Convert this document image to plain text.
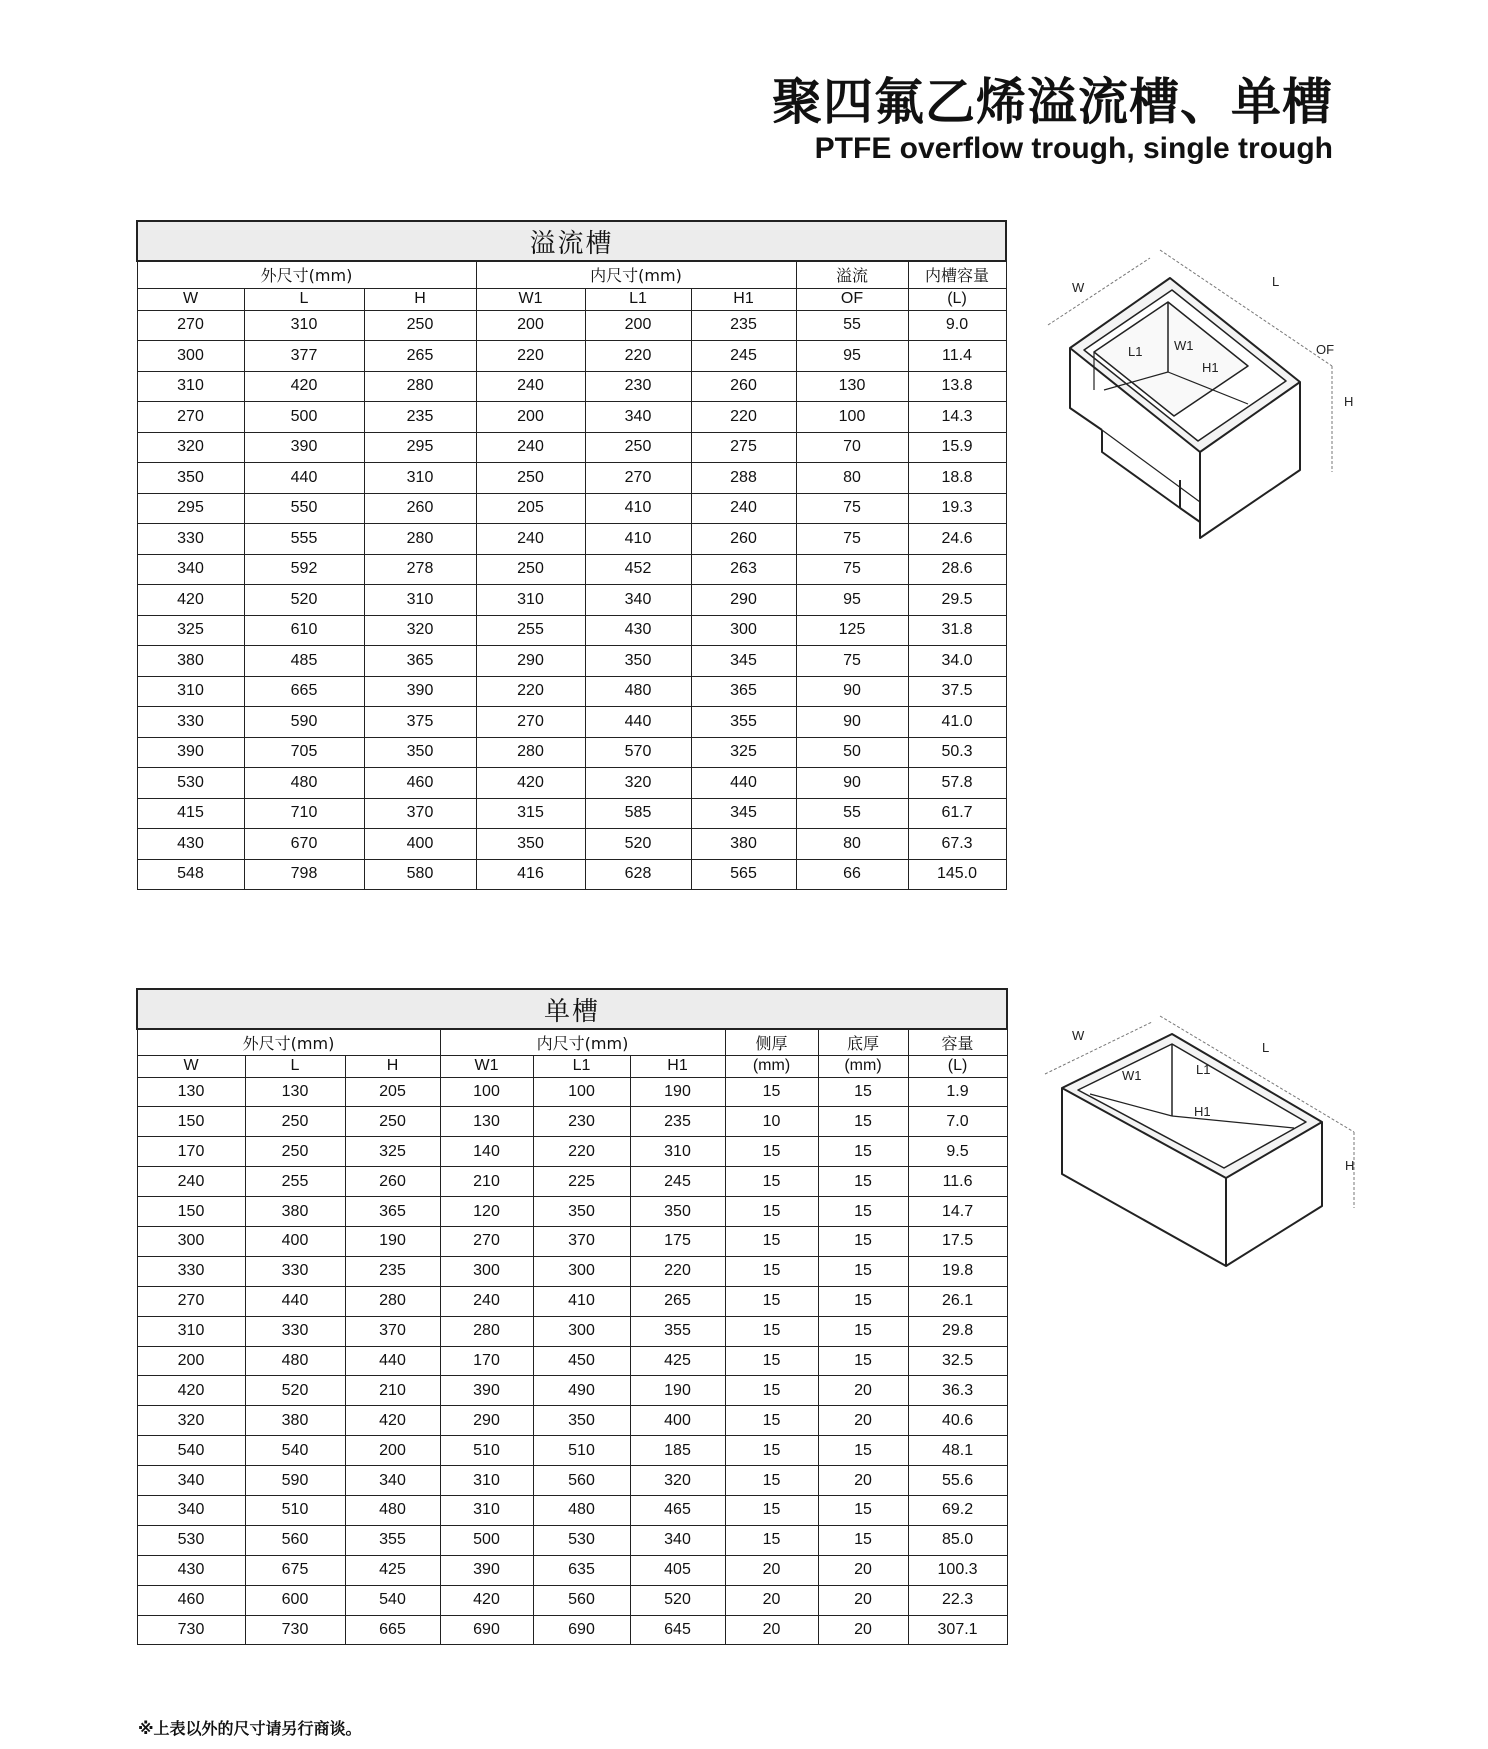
聚四氟乙烯溢流槽、单槽
PTFE overflow trough, single trough
溢流槽							
外尺寸(mm)			内尺寸(mm)			溢流	内槽容量
W	L	H	W1	L1	H1	OF	(L)
270	310	250	200	200	235	55	9.0
300	377	265	220	220	245	95	11.4
310	420	280	240	230	260	130	13.8
270	500	235	200	340	220	100	14.3
320	390	295	240	250	275	70	15.9
350	440	310	250	270	288	80	18.8
295	550	260	205	410	240	75	19.3
330	555	280	240	410	260	75	24.6
340	592	278	250	452	263	75	28.6
420	520	310	310	340	290	95	29.5
325	610	320	255	430	300	125	31.8
380	485	365	290	350	345	75	34.0
310	665	390	220	480	365	90	37.5
330	590	375	270	440	355	90	41.0
390	705	350	280	570	325	50	50.3
530	480	460	420	320	440	90	57.8
415	710	370	315	585	345	55	61.7
430	670	400	350	520	380	80	67.3
548	798	580	416	628	565	66	145.0
单槽								
外尺寸(mm)			内尺寸(mm)			侧厚	底厚	容量
W	L	H	W1	L1	H1	(mm)	(mm)	(L)
130	130	205	100	100	190	15	15	1.9
150	250	250	130	230	235	10	15	7.0
170	250	325	140	220	310	15	15	9.5
240	255	260	210	225	245	15	15	11.6
150	380	365	120	350	350	15	15	14.7
300	400	190	270	370	175	15	15	17.5
330	330	235	300	300	220	15	15	19.8
270	440	280	240	410	265	15	15	26.1
310	330	370	280	300	355	15	15	29.8
200	480	440	170	450	425	15	15	32.5
420	520	210	390	490	190	15	20	36.3
320	380	420	290	350	400	15	20	40.6
540	540	200	510	510	185	15	15	48.1
340	590	340	310	560	320	15	20	55.6
340	510	480	310	480	465	15	15	69.2
530	560	355	500	530	340	15	15	85.0
430	675	425	390	635	405	20	20	100.3
460	600	540	420	560	520	20	20	22.3
730	730	665	690	690	645	20	20	307.1
W	L
L1 W1
H1
OF
H
W
L
W1	L1
H1
H
※上表以外的尺寸请另行商谈。
